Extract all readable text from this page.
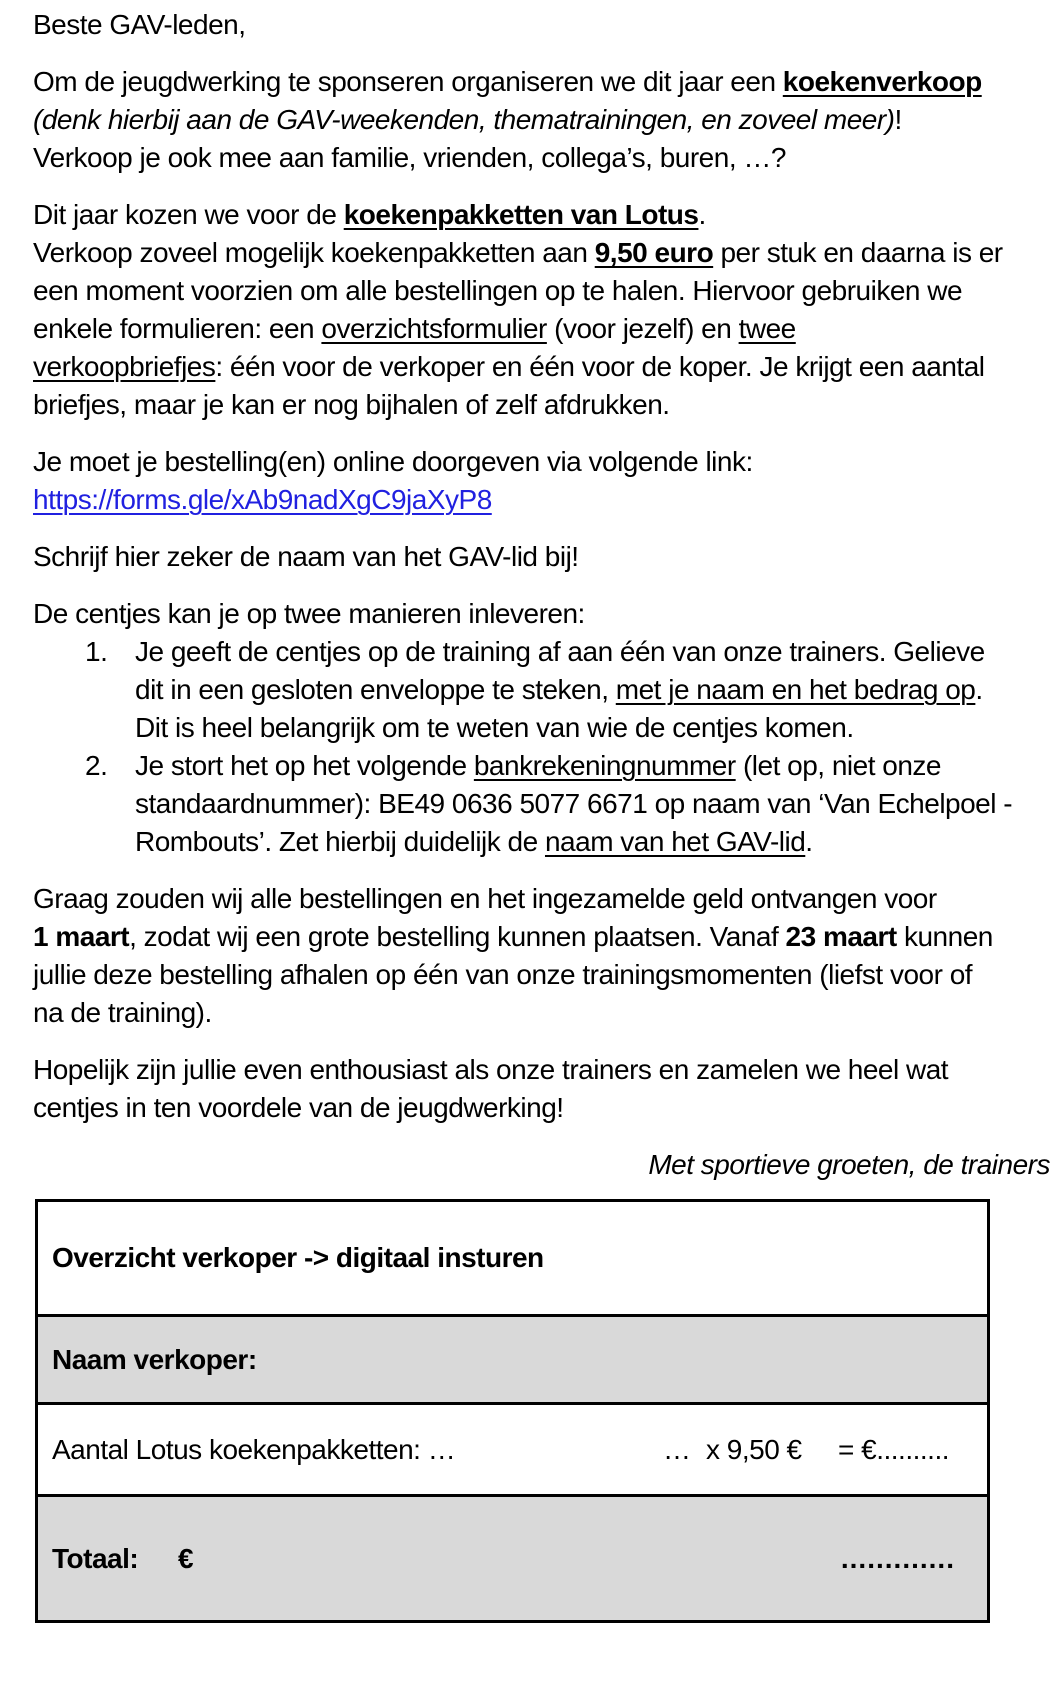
Beste GAV-leden,
Om de jeugdwerking te sponseren organiseren we dit jaar een koekenverkoop
(denk hierbij aan de GAV-weekenden, thematrainingen, en zoveel meer)!
Verkoop je ook mee aan familie, vrienden, collega’s, buren, …?
Dit jaar kozen we voor de koekenpakketten van Lotus.
Verkoop zoveel mogelijk koekenpakketten aan 9,50 euro per stuk en daarna is er
een moment voorzien om alle bestellingen op te halen. Hiervoor gebruiken we
enkele formulieren: een overzichtsformulier (voor jezelf) en twee
verkoopbriefjes: één voor de verkoper en één voor de koper. Je krijgt een aantal
briefjes, maar je kan er nog bijhalen of zelf afdrukken.
Je moet je bestelling(en) online doorgeven via volgende link:
https://forms.gle/xAb9nadXgC9jaXyP8
Schrijf hier zeker de naam van het GAV-lid bij!
De centjes kan je op twee manieren inleveren:
1. Je geeft de centjes op de training af aan één van onze trainers. Gelieve
dit in een gesloten enveloppe te steken, met je naam en het bedrag op.
Dit is heel belangrijk om te weten van wie de centjes komen.
2. Je stort het op het volgende bankrekeningnummer (let op, niet onze
standaardnummer): BE49 0636 5077 6671 op naam van ‘Van Echelpoel -
Rombouts’. Zet hierbij duidelijk de naam van het GAV-lid.
Graag zouden wij alle bestellingen en het ingezamelde geld ontvangen voor
1 maart, zodat wij een grote bestelling kunnen plaatsen. Vanaf 23 maart kunnen
jullie deze bestelling afhalen op één van onze trainingsmomenten (liefst voor of
na de training).
Hopelijk zijn jullie even enthousiast als onze trainers en zamelen we heel wat
centjes in ten voordele van de jeugdwerking!
Met sportieve groeten, de trainers
Overzicht verkoper -> digitaal insturen
Naam verkoper:
Aantal Lotus koekenpakketten: …	… x 9,50 € = €..........
Totaal: €	.............
